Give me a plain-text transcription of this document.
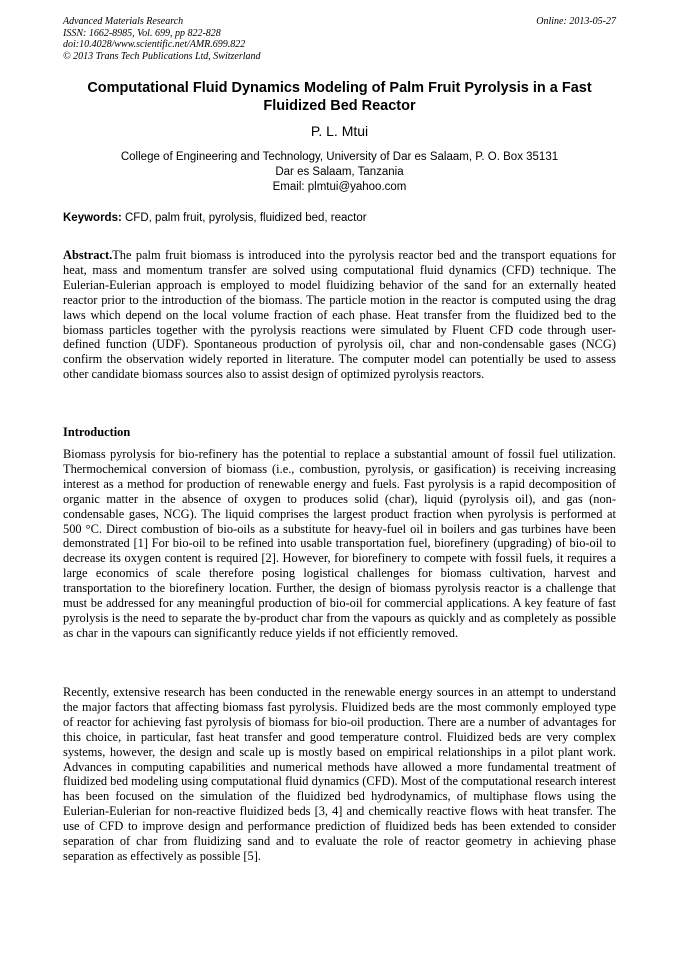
Advanced Materials Research
ISSN: 1662-8985, Vol. 699, pp 822-828
doi:10.4028/www.scientific.net/AMR.699.822
© 2013 Trans Tech Publications Ltd, Switzerland
Online: 2013-05-27
Computational Fluid Dynamics Modeling of Palm Fruit Pyrolysis in a Fast Fluidized Bed Reactor
P. L. Mtui
College of Engineering and Technology, University of Dar es Salaam, P. O. Box 35131
Dar es Salaam, Tanzania
Email: plmtui@yahoo.com
Keywords: CFD, palm fruit, pyrolysis, fluidized bed, reactor

Abstract.The palm fruit biomass is introduced into the pyrolysis reactor bed and the transport equations for heat, mass and momentum transfer are solved using computational fluid dynamics (CFD) technique. The Eulerian-Eulerian approach is employed to model fluidizing behavior of the sand for an externally heated reactor prior to the introduction of the biomass. The particle motion in the reactor is computed using the drag laws which depend on the local volume fraction of each phase. Heat transfer from the fluidized bed to the biomass particles together with the pyrolysis reactions were simulated by Fluent CFD code through user-defined function (UDF). Spontaneous production of pyrolysis oil, char and non-condensable gases (NCG) confirm the observation widely reported in literature. The computer model can potentially be used to assess other candidate biomass sources also to assist design of optimized pyrolysis reactors.

Introduction

Biomass pyrolysis for bio-refinery has the potential to replace a substantial amount of fossil fuel utilization. Thermochemical conversion of biomass (i.e., combustion, pyrolysis, or gasification) is receiving increasing interest as a method for production of renewable energy and fuels. Fast pyrolysis is a rapid decomposition of organic matter in the absence of oxygen to produces solid (char), liquid (pyrolysis oil), and gas (non-condensable gases, NCG). The liquid comprises the largest product fraction when pyrolysis is performed at 500 °C. Direct combustion of bio-oils as a substitute for heavy-fuel oil in boilers and gas turbines have been demonstrated [1] For bio-oil to be refined into usable transportation fuel, biorefinery (upgrading) of bio-oil to decrease its oxygen content is required [2]. However, for biorefinery to compete with fossil fuels, it requires a large economics of scale therefore posing logistical challenges for biomass cultivation, harvest and transportation to the biorefinery location. Further, the design of biomass pyrolysis reactor is a challenge that must be addressed for any meaningful production of bio-oil for commercial applications. A key feature of fast pyrolysis is the need to separate the by-product char from the vapours as quickly and as completely as possible as char in the vapours can significantly reduce yields if not efficiently removed.

Recently, extensive research has been conducted in the renewable energy sources in an attempt to understand the major factors that affecting biomass fast pyrolysis. Fluidized beds are the most commonly employed type of reactor for achieving fast pyrolysis of biomass for bio-oil production. There are a number of advantages for this choice, in particular, fast heat transfer and good temperature control. Fluidized beds are very complex systems, however, the design and scale up is mostly based on empirical relationships in a pilot plant work. Advances in computing capabilities and numerical methods have allowed a more fundamental treatment of fluidized bed modeling using computational fluid dynamics (CFD). Most of the computational research interest has been focused on the simulation of the fluidized bed hydrodynamics, of multiphase flows using the Eulerian-Eulerian for non-reactive fluidized beds [3, 4] and chemically reactive flows with heat transfer. The use of CFD to improve design and performance prediction of fluidized beds has been extended to consider separation of char from fluidizing sand and to evaluate the role of reactor geometry in achieving phase separation as effectively as possible [5].
